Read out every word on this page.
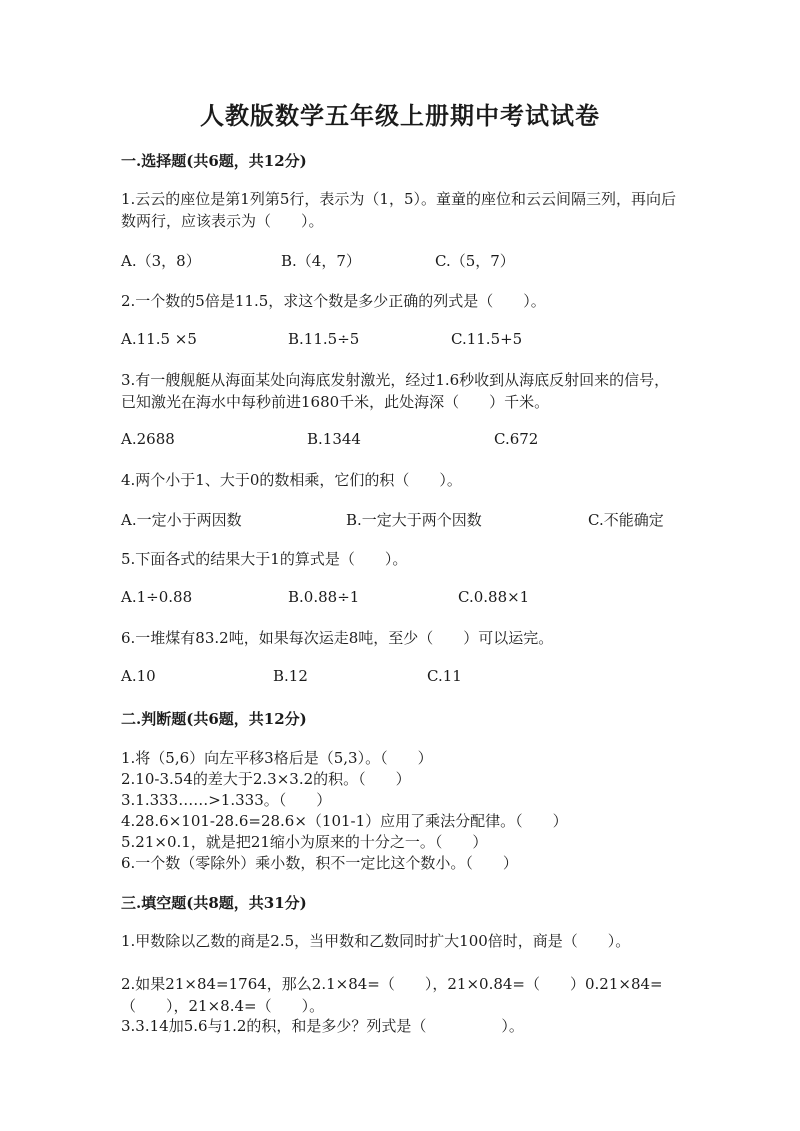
人教版数学五年级上册期中考试试卷
一.选择题(共6题，共12分)
1.云云的座位是第1列第5行，表示为（1，5）。童童的座位和云云间隔三列，再向后数两行，应该表示为（　　）。
A.（3，8）	B.（4，7）	C.（5，7）
2.一个数的5倍是11.5，求这个数是多少正确的列式是（　　）。
A.11.5 ×5	B.11.5÷5	C.11.5+5
3.有一艘舰艇从海面某处向海底发射激光，经过1.6秒收到从海底反射回来的信号，已知激光在海水中每秒前进1680千米，此处海深（　　）千米。
A.2688	B.1344	C.672
4.两个小于1、大于0的数相乘，它们的积（　　）。
A.一定小于两因数	B.一定大于两个因数	C.不能确定
5.下面各式的结果大于1的算式是（　　）。
A.1÷0.88	B.0.88÷1	C.0.88×1
6.一堆煤有83.2吨，如果每次运走8吨，至少（　　）可以运完。
A.10	B.12	C.11
二.判断题(共6题，共12分)
1.将（5,6）向左平移3格后是（5,3）。（　　）
2.10-3.54的差大于2.3×3.2的积。（　　）
3.1.333……>1.333。（　　）
4.28.6×101-28.6=28.6×（101-1）应用了乘法分配律。（　　）
5.21×0.1，就是把21缩小为原来的十分之一。（　　）
6.一个数（零除外）乘小数，积不一定比这个数小。（　　）
三.填空题(共8题，共31分)
1.甲数除以乙数的商是2.5，当甲数和乙数同时扩大100倍时，商是（　　）。
2.如果21×84=1764，那么2.1×84=（　　），21×0.84=（　　）0.21×84=（　　），21×8.4=（　　）。
3.3.14加5.6与1.2的积，和是多少？列式是（　　　　　）。
